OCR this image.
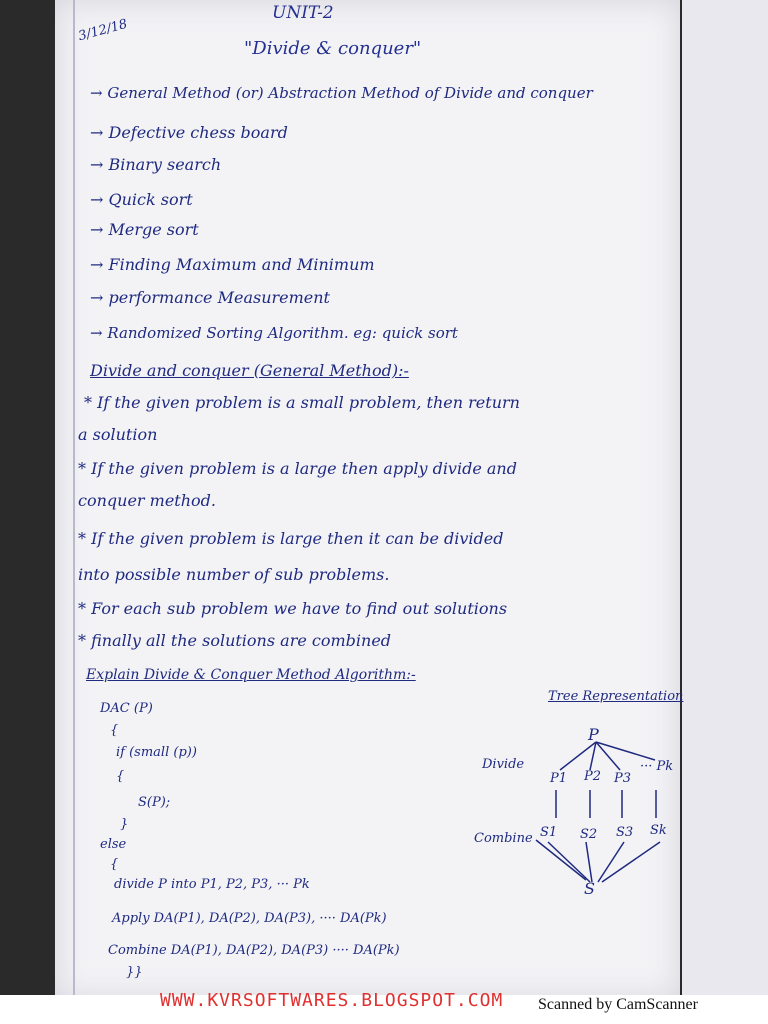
3/12/18
UNIT-2
"Divide & conquer"
→ General Method (or) Abstraction Method of Divide and conquer
→ Defective chess board
→ Binary search
→ Quick sort
→ Merge sort
→ Finding Maximum and Minimum
→ performance Measurement
→ Randomized Sorting Algorithm. eg: quick sort
Divide and conquer (General Method):-
* If the given problem is a small problem, then return
a solution
* If the given problem is a large then apply divide and
conquer method.
* If the given problem is large then it can be divided
into possible number of sub problems.
* For each sub problem we have to find out solutions
* finally all the solutions are combined
Explain Divide & Conquer Method Algorithm:-
Tree Representation
DAC (P)
{
if (small (p))
{
S(P);
}
else
{
divide P into P1, P2, P3, ··· Pk
Apply DA(P1), DA(P2), DA(P3), ···· DA(Pk)
Combine DA(P1), DA(P2), DA(P3) ···· DA(Pk)
}}
P
Divide
P1 P2 P3
··· Pk
Combine S1 S2 S3 Sk
S
WWW.KVRSOFTWARES.BLOGSPOT.COM Scanned by CamScanner
